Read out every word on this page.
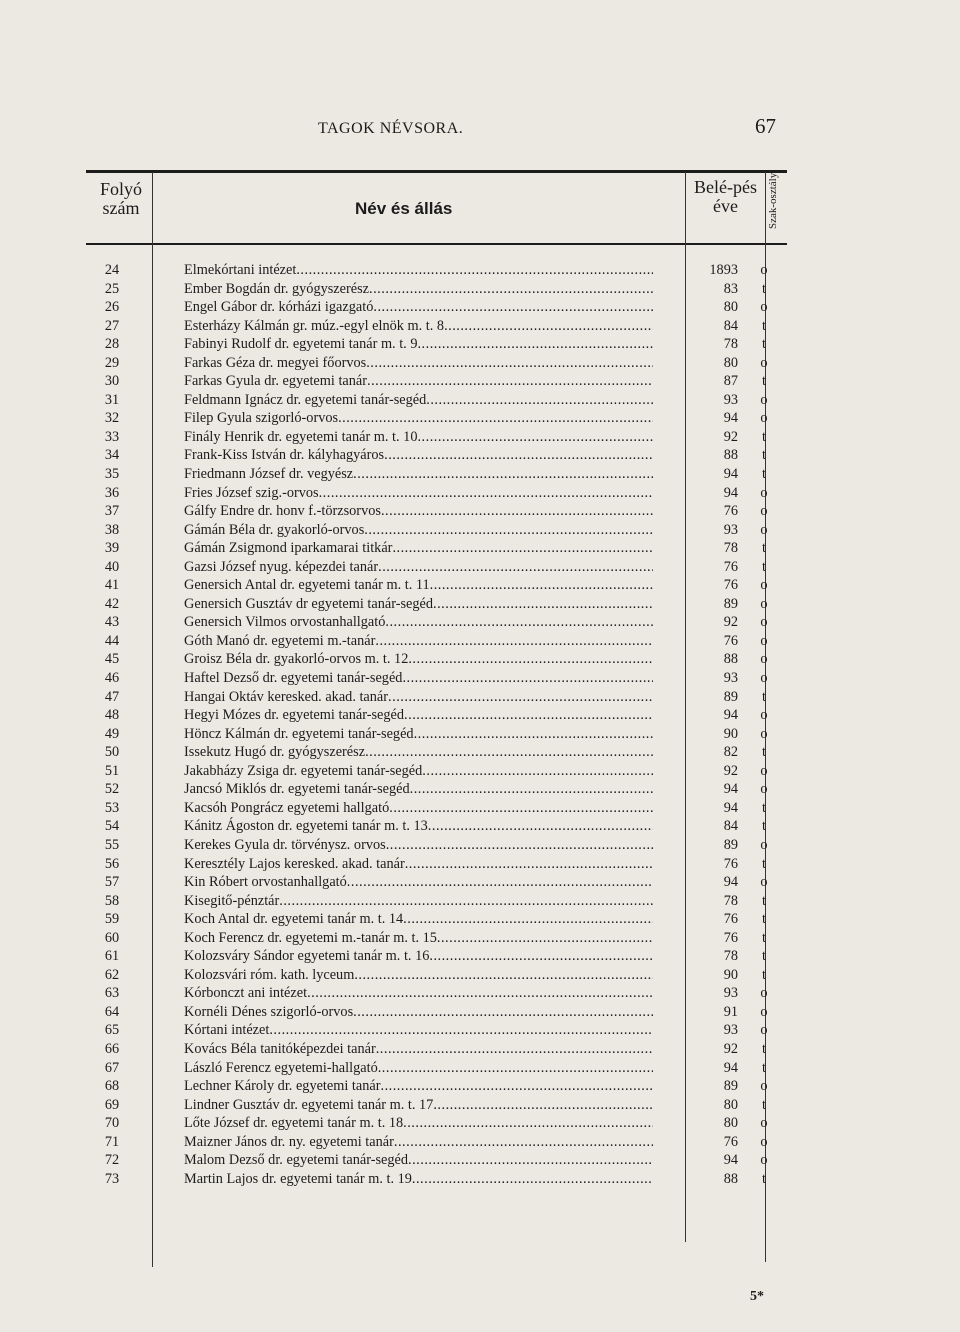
TAGOK NÉVSORA.	67
Folyó szám	Név és állás
Belé-pés éve	Szak-osztály
24	Elmekórtani intézet .....	1893	o
25	Ember Bogdán dr. gyógyszerész .....	83	t
26	Engel Gábor dr. kórházi igazgató .....	80	o
27	Esterházy Kálmán gr. múz.-egyl elnök m. t. 8 .....	84	t
28	Fabinyi Rudolf dr. egyetemi tanár m. t. 9 .....	78	t
29	Farkas Géza dr. megyei főorvos .....	80	o
30	Farkas Gyula dr. egyetemi tanár .....	87	t
31	Feldmann Ignácz dr. egyetemi tanár-segéd .....	93	o
32	Filep Gyula szigorló-orvos .....	94	o
33	Finály Henrik dr. egyetemi tanár m. t. 10 .....	92	t
34	Frank-Kiss István dr. kályhagyáros .....	88	t
35	Friedmann József dr. vegyész .....	94	t
36	Fries József szig.-orvos .....	94	o
37	Gálfy Endre dr. honv f.-törzsorvos .....	76	o
38	Gámán Béla dr. gyakorló-orvos .....	93	o
39	Gámán Zsigmond iparkamarai titkár .....	78	t
40	Gazsi József nyug. képezdei tanár .....	76	t
41	Genersich Antal dr. egyetemi tanár m. t. 11 .....	76	o
42	Genersich Gusztáv dr egyetemi tanár-segéd .....	89	o
43	Genersich Vilmos orvostanhallgató .....	92	o
44	Góth Manó dr. egyetemi m.-tanár .....	76	o
45	Groisz Béla dr. gyakorló-orvos m. t. 12 .....	88	o
46	Haftel Dezső dr. egyetemi tanár-segéd .....	93	o
47	Hangai Oktáv keresked. akad. tanár .....	89	t
48	Hegyi Mózes dr. egyetemi tanár-segéd .....	94	o
49	Höncz Kálmán dr. egyetemi tanár-segéd .....	90	o
50	Issekutz Hugó dr. gyógyszerész .....	82	t
51	Jakabházy Zsiga dr. egyetemi tanár-segéd .....	92	o
52	Jancsó Miklós dr. egyetemi tanár-segéd .....	94	o
53	Kacsóh Pongrácz egyetemi hallgató .....	94	t
54	Kánitz Ágoston dr. egyetemi tanár m. t. 13 .....	84	t
55	Kerekes Gyula dr. törvénysz. orvos .....	89	o
56	Keresztély Lajos keresked. akad. tanár .....	76	t
57	Kin Róbert orvostanhallgató .....	94	o
58	Kisegitő-pénztár .....	78	t
59	Koch Antal dr. egyetemi tanár m. t. 14 .....	76	t
60	Koch Ferencz dr. egyetemi m.-tanár m. t. 15 .....	76	t
61	Kolozsváry Sándor egyetemi tanár m. t. 16 .....	78	t
62	Kolozsvári róm. kath. lyceum .....	90	t
63	Kórbonczt ani intézet .....	93	o
64	Kornéli Dénes szigorló-orvos .....	91	o
65	Kórtani intézet .....	93	o
66	Kovács Béla tanitóképezdei tanár .....	92	t
67	László Ferencz egyetemi-hallgató .....	94	t
68	Lechner Károly dr. egyetemi tanár .....	89	o
69	Lindner Gusztáv dr. egyetemi tanár m. t. 17 .....	80	t
70	Lőte József dr. egyetemi tanár m. t. 18 .....	80	o
71	Maizner János dr. ny. egyetemi tanár .....	76	o
72	Malom Dezső dr. egyetemi tanár-segéd .....	94	o
73	Martin Lajos dr. egyetemi tanár m. t. 19 .....	88	t
5*
